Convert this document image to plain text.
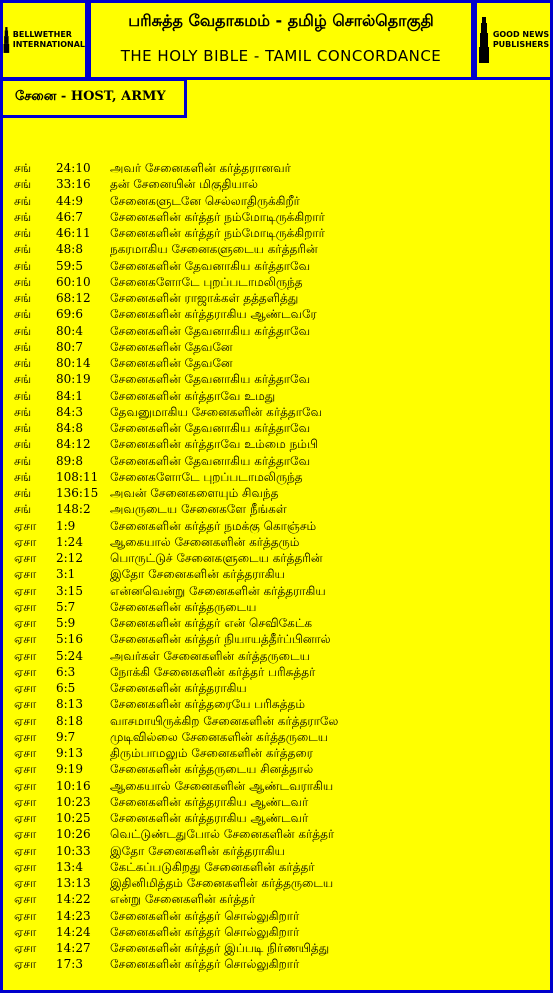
BELLWETHER
INTERNATIONAL
பரிசுத்த வேதாகமம் - தமிழ் சொல்தொகுதி
THE HOLY BIBLE - TAMIL CONCORDANCE
GOOD NEWS
PUBLISHERS
சேனை - HOST, ARMY
சங் 24:10 அவர் சேனைகளின் கர்த்தரானவர்
சங் 33:16 தன் சேனையின் மிகுதியால்
சங் 44:9 சேனைகளுடனே செல்லாதிருக்கிறீர்
சங் 46:7 சேனைகளின் கர்த்தர் நம்மோடிருக்கிறார்
சங் 46:11 சேனைகளின் கர்த்தர் நம்மோடிருக்கிறார்
சங் 48:8 நகரமாகிய சேனைகளுடைய கர்த்தரின்
சங் 59:5 சேனைகளின் தேவனாகிய கர்த்தாவே
சங் 60:10 சேனைகளோடே புறப்படாமலிருந்த
சங் 68:12 சேனைகளின் ராஜாக்கள் தத்தளித்து
சங் 69:6 சேனைகளின் கர்த்தராகிய ஆண்டவரே
சங் 80:4 சேனைகளின் தேவனாகிய கர்த்தாவே
சங் 80:7 சேனைகளின் தேவனே
சங் 80:14 சேனைகளின் தேவனே
சங் 80:19 சேனைகளின் தேவனாகிய கர்த்தாவே
சங் 84:1 சேனைகளின் கர்த்தாவே உமது
சங் 84:3 தேவனுமாகிய சேனைகளின் கர்த்தாவே
சங் 84:8 சேனைகளின் தேவனாகிய கர்த்தாவே
சங் 84:12 சேனைகளின் கர்த்தாவே உம்மை நம்பி
சங் 89:8 சேனைகளின் தேவனாகிய கர்த்தாவே
சங் 108:11 சேனைகளோடே புறப்படாமலிருந்த
சங் 136:15 அவன் சேனைகளையும் சிவந்த
சங் 148:2 அவருடைய சேனைகளே நீங்கள்
ஏசா 1:9	சேனைகளின் கர்த்தர் நமக்கு கொஞ்சம்
ஏசா 1:24 ஆகையால் சேனைகளின் கர்த்தரும்
ஏசா 2:12 பொருட்டுச் சேனைகளுடைய கர்த்தரின்
ஏசா 3:1	இதோ சேனைகளின் கர்த்தராகிய
ஏசா 3:15 என்னவென்று சேனைகளின் கர்த்தராகிய
ஏசா 5:7	சேனைகளின் கர்த்தருடைய
ஏசா 5:9	சேனைகளின் கர்த்தர் என் செவிகேட்க
ஏசா 5:16 சேனைகளின் கர்த்தர் நியாயத்தீர்ப்பினால்
ஏசா 5:24 அவர்கள் சேனைகளின் கர்த்தருடைய
ஏசா 6:3	நோக்கி சேனைகளின் கர்த்தர் பரிசுத்தர்
ஏசா 6:5	சேனைகளின் கர்த்தராகிய
ஏசா 8:13 சேனைகளின் கர்த்தரையே பரிசுத்தம்
ஏசா 8:18 வாசமாயிருக்கிற சேனைகளின் கர்த்தராலே
ஏசா 9:7	முடிவில்லை சேனைகளின் கர்த்தருடைய
ஏசா 9:13 திரும்பாமலும் சேனைகளின் கர்த்தரை
ஏசா 9:19 சேனைகளின் கர்த்தருடைய சினத்தால்
ஏசா 10:16 ஆகையால் சேனைகளின் ஆண்டவராகிய
ஏசா 10:23 சேனைகளின் கர்த்தராகிய ஆண்டவர்
ஏசா 10:25 சேனைகளின் கர்த்தராகிய ஆண்டவர்
ஏசா 10:26 வெட்டுண்டதுபோல் சேனைகளின் கர்த்தர்
ஏசா 10:33 இதோ சேனைகளின் கர்த்தராகிய
ஏசா 13:4 கேட்கப்படுகிறது சேனைகளின் கர்த்தர்
ஏசா 13:13 இதினிமித்தம் சேனைகளின் கர்த்தருடைய
ஏசா 14:22 என்று சேனைகளின் கர்த்தர்
ஏசா 14:23 சேனைகளின் கர்த்தர் சொல்லுகிறார்
ஏசா 14:24 சேனைகளின் கர்த்தர் சொல்லுகிறார்
ஏசா 14:27 சேனைகளின் கர்த்தர் இப்படி நிர்ணயித்து
ஏசா 17:3 சேனைகளின் கர்த்தர் சொல்லுகிறார்
